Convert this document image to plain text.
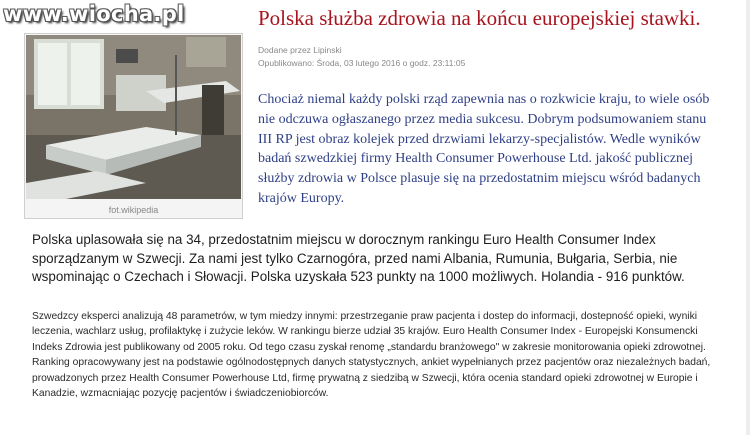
www.wiocha.pl
fot.wikipedia
Polska służba zdrowia na końcu europejskiej stawki.
Dodane przez Lipinski
Opublikowano: Środa, 03 lutego 2016 o godz. 23:11:05

Chociaż niemal każdy polski rząd zapewnia nas o rozkwicie kraju, to wiele osób nie odczuwa ogłaszanego przez media sukcesu. Dobrym podsumowaniem stanu III RP jest obraz kolejek przed drzwiami lekarzy-specjalistów. Wedle wyników badań szwedzkiej firmy Health Consumer Powerhouse Ltd. jakość publicznej służby zdrowia w Polsce plasuje się na przedostatnim miejscu wśród badanych krajów Europy.

Polska uplasowała się na 34, przedostatnim miejscu w dorocznym rankingu Euro Health Consumer Index sporządzanym w Szwecji. Za nami jest tylko Czarnogóra, przed nami Albania, Rumunia, Bułgaria, Serbia, nie wspominając o Czechach i Słowacji. Polska uzyskała 523 punkty na 1000 możliwych. Holandia - 916 punktów.

Szwedzcy eksperci analizują 48 parametrów, w tym miedzy innymi: przestrzeganie praw pacjenta i dostep do informacji, dostepność opieki, wyniki leczenia, wachlarz usług, profilaktykę i zużycie leków. W rankingu bierze udział 35 krajów. Euro Health Consumer Index - Europejski Konsumencki Indeks Zdrowia jest publikowany od 2005 roku. Od tego czasu zyskał renomę „standardu branżowego" w zakresie monitorowania opieki zdrowotnej. Ranking opracowywany jest na podstawie ogólnodostępnych danych statystycznych, ankiet wypełnianych przez pacjentów oraz niezależnych badań, prowadzonych przez Health Consumer Powerhouse Ltd, firmę prywatną z siedzibą w Szwecji, która ocenia standard opieki zdrowotnej w Europie i Kanadzie, wzmacniając pozycję pacjentów i świadczeniobiorców.
